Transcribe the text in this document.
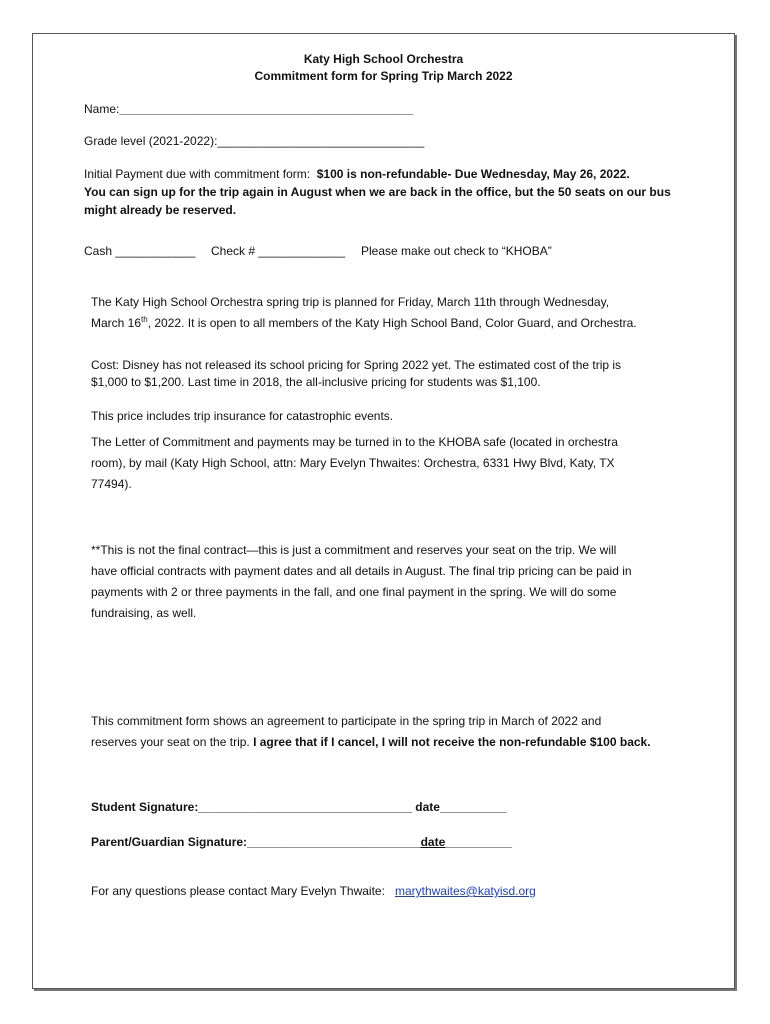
Katy High School Orchestra
Commitment form for Spring Trip March 2022
Name:____________________________________________
Grade level (2021-2022):_______________________________
Initial Payment due with commitment form: $100 is non-refundable- Due Wednesday, May 26, 2022.
You can sign up for the trip again in August when we are back in the office, but the 50 seats on our bus
might already be reserved.
Cash ____________ Check # _____________ Please make out check to “KHOBA”
The Katy High School Orchestra spring trip is planned for Friday, March 11th through Wednesday,
March 16th, 2022. It is open to all members of the Katy High School Band, Color Guard, and Orchestra.
Cost: Disney has not released its school pricing for Spring 2022 yet. The estimated cost of the trip is
$1,000 to $1,200. Last time in 2018, the all-inclusive pricing for students was $1,100.
This price includes trip insurance for catastrophic events.
The Letter of Commitment and payments may be turned in to the KHOBA safe (located in orchestra
room), by mail (Katy High School, attn: Mary Evelyn Thwaites: Orchestra, 6331 Hwy Blvd, Katy, TX
77494).
**This is not the final contract—this is just a commitment and reserves your seat on the trip. We will
have official contracts with payment dates and all details in August. The final trip pricing can be paid in
payments with 2 or three payments in the fall, and one final payment in the spring. We will do some
fundraising, as well.
This commitment form shows an agreement to participate in the spring trip in March of 2022 and
reserves your seat on the trip. I agree that if I cancel, I will not receive the non-refundable $100 back.
Student Signature:________________________________ date__________
Parent/Guardian Signature:__________________________date__________
For any questions please contact Mary Evelyn Thwaite: marythwaites@katyisd.org
